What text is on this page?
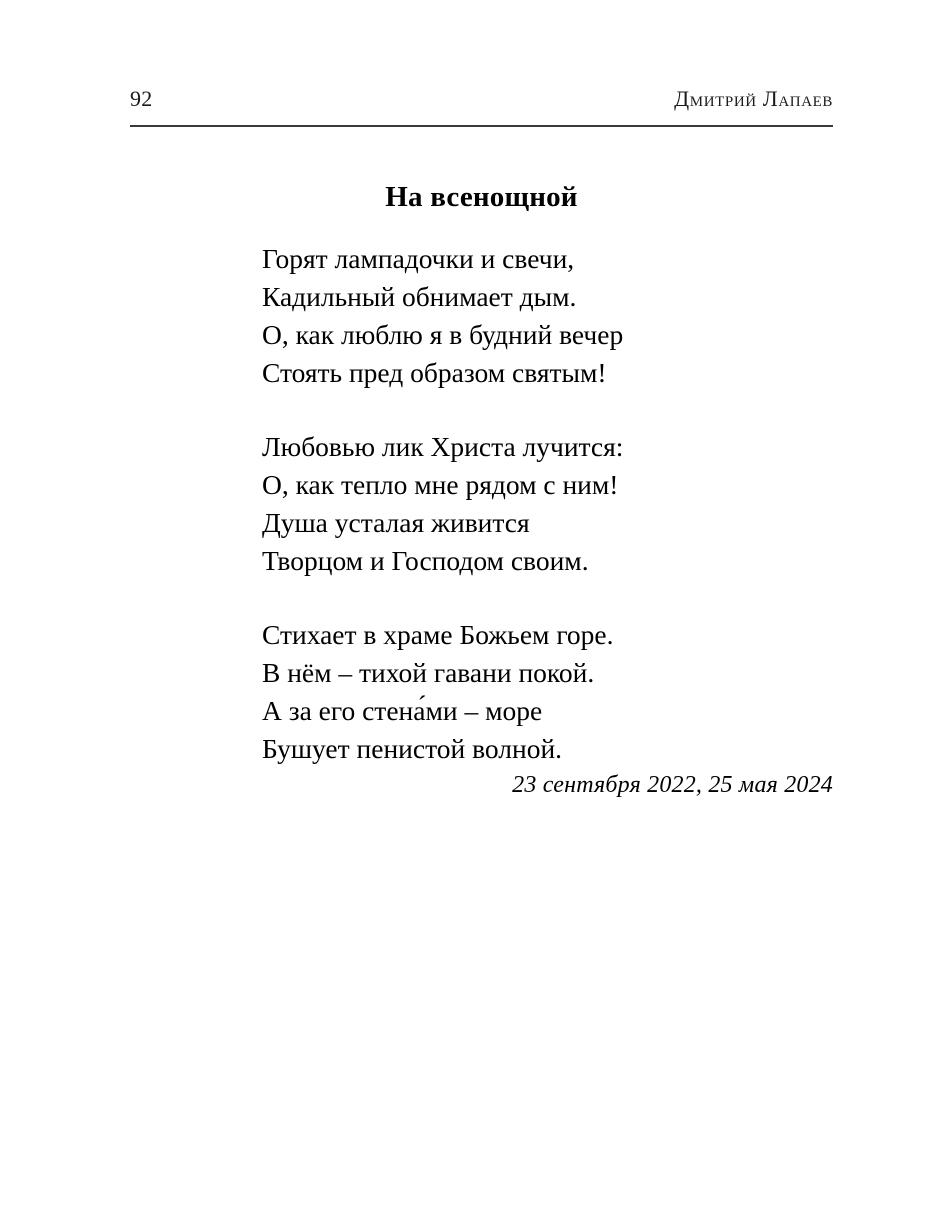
92	Дмитрий Лапаев
На всенощной
Горят лампадочки и свечи,
Кадильный обнимает дым.
О, как люблю я в будний вечер
Стоять пред образом святым!
Любовью лик Христа лучится:
О, как тепло мне рядом с ним!
Душа усталая живится
Творцом и Господом своим.
Стихает в храме Божьем горе.
В нём – тихой гавани покой.
А за его стена́ми – море
Бушует пенистой волной.
23 сентября 2022, 25 мая 2024
